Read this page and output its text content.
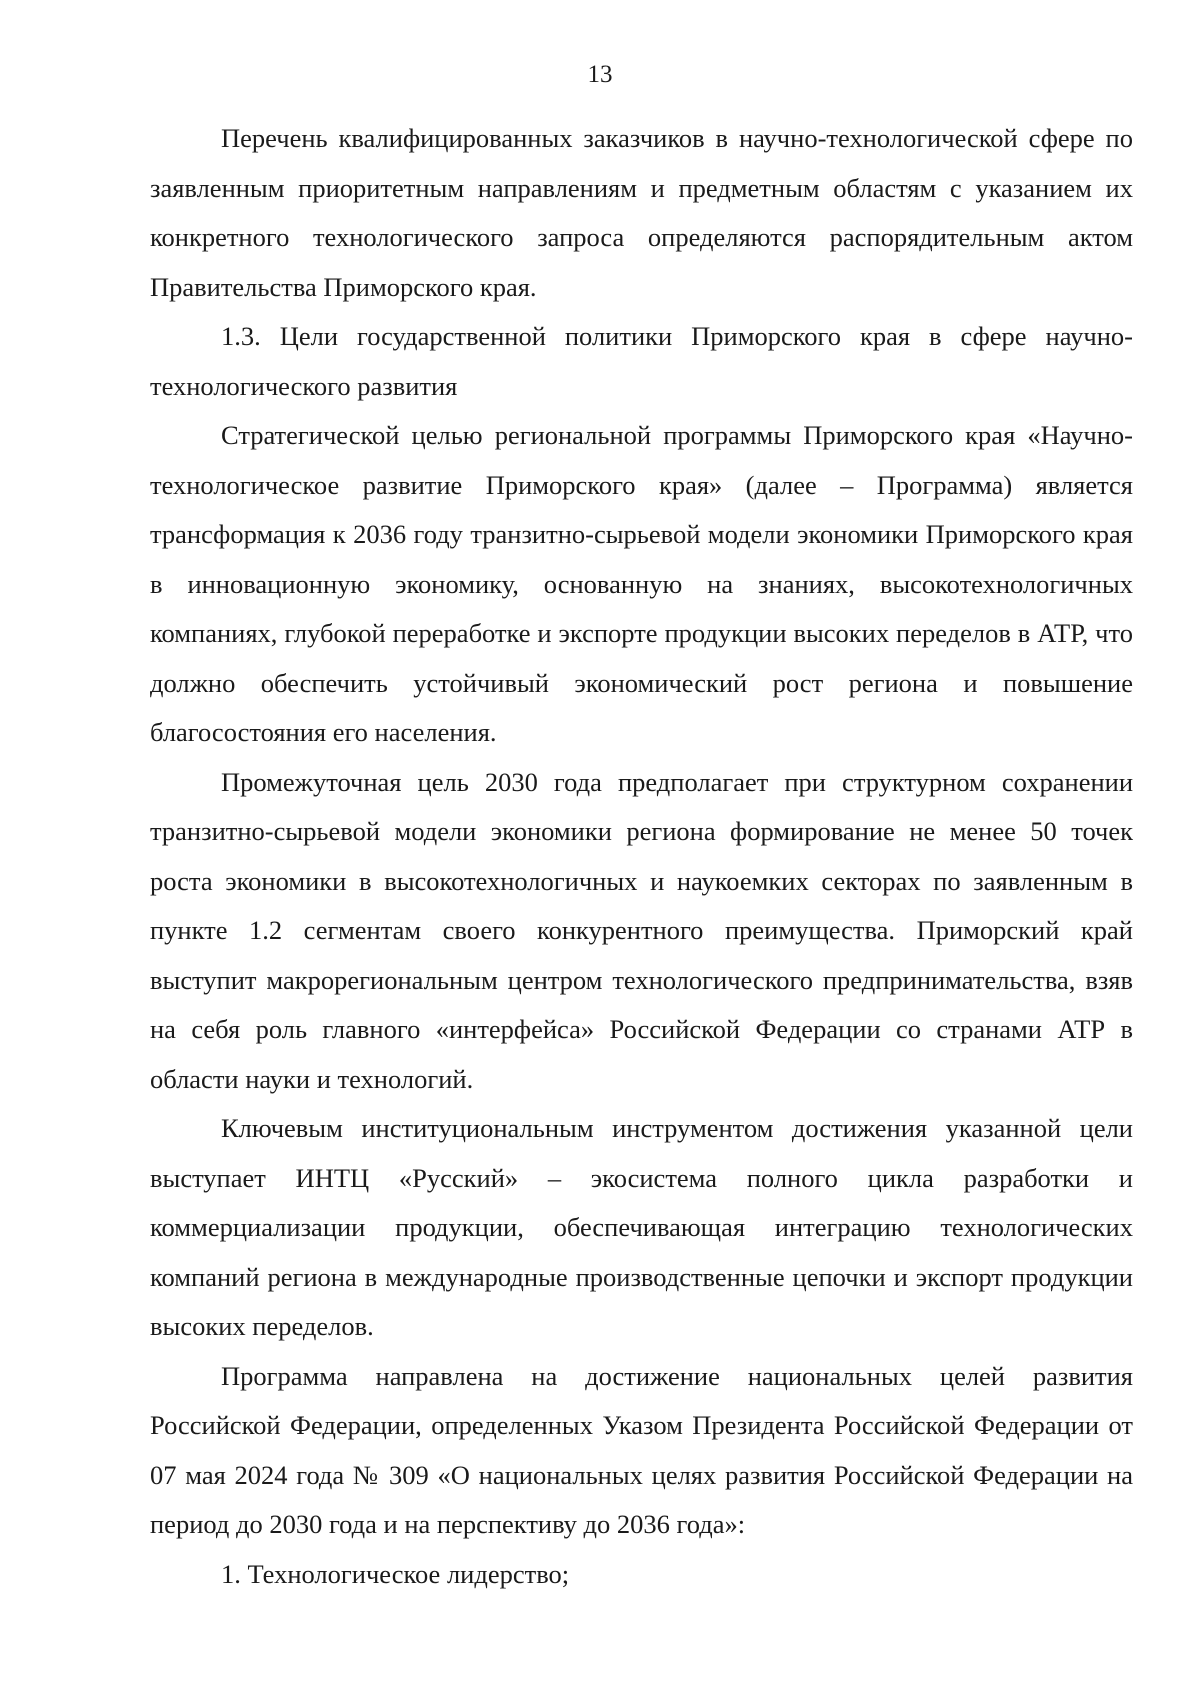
13

Перечень квалифицированных заказчиков в научно-технологической сфере по заявленным приоритетным направлениям и предметным областям с указанием их конкретного технологического запроса определяются распорядительным актом Правительства Приморского края.

1.3. Цели государственной политики Приморского края в сфере научно-технологического развития

Стратегической целью региональной программы Приморского края «Научно-технологическое развитие Приморского края» (далее – Программа) является трансформация к 2036 году транзитно-сырьевой модели экономики Приморского края в инновационную экономику, основанную на знаниях, высокотехнологичных компаниях, глубокой переработке и экспорте продукции высоких переделов в АТР, что должно обеспечить устойчивый экономический рост региона и повышение благосостояния его населения.

Промежуточная цель 2030 года предполагает при структурном сохранении транзитно-сырьевой модели экономики региона формирование не менее 50 точек роста экономики в высокотехнологичных и наукоемких секторах по заявленным в пункте 1.2 сегментам своего конкурентного преимущества. Приморский край выступит макрорегиональным центром технологического предпринимательства, взяв на себя роль главного «интерфейса» Российской Федерации со странами АТР в области науки и технологий.

Ключевым институциональным инструментом достижения указанной цели выступает ИНТЦ «Русский» – экосистема полного цикла разработки и коммерциализации продукции, обеспечивающая интеграцию технологических компаний региона в международные производственные цепочки и экспорт продукции высоких переделов.

Программа направлена на достижение национальных целей развития Российской Федерации, определенных Указом Президента Российской Федерации от 07 мая 2024 года № 309 «О национальных целях развития Российской Федерации на период до 2030 года и на перспективу до 2036 года»:

1. Технологическое лидерство;
